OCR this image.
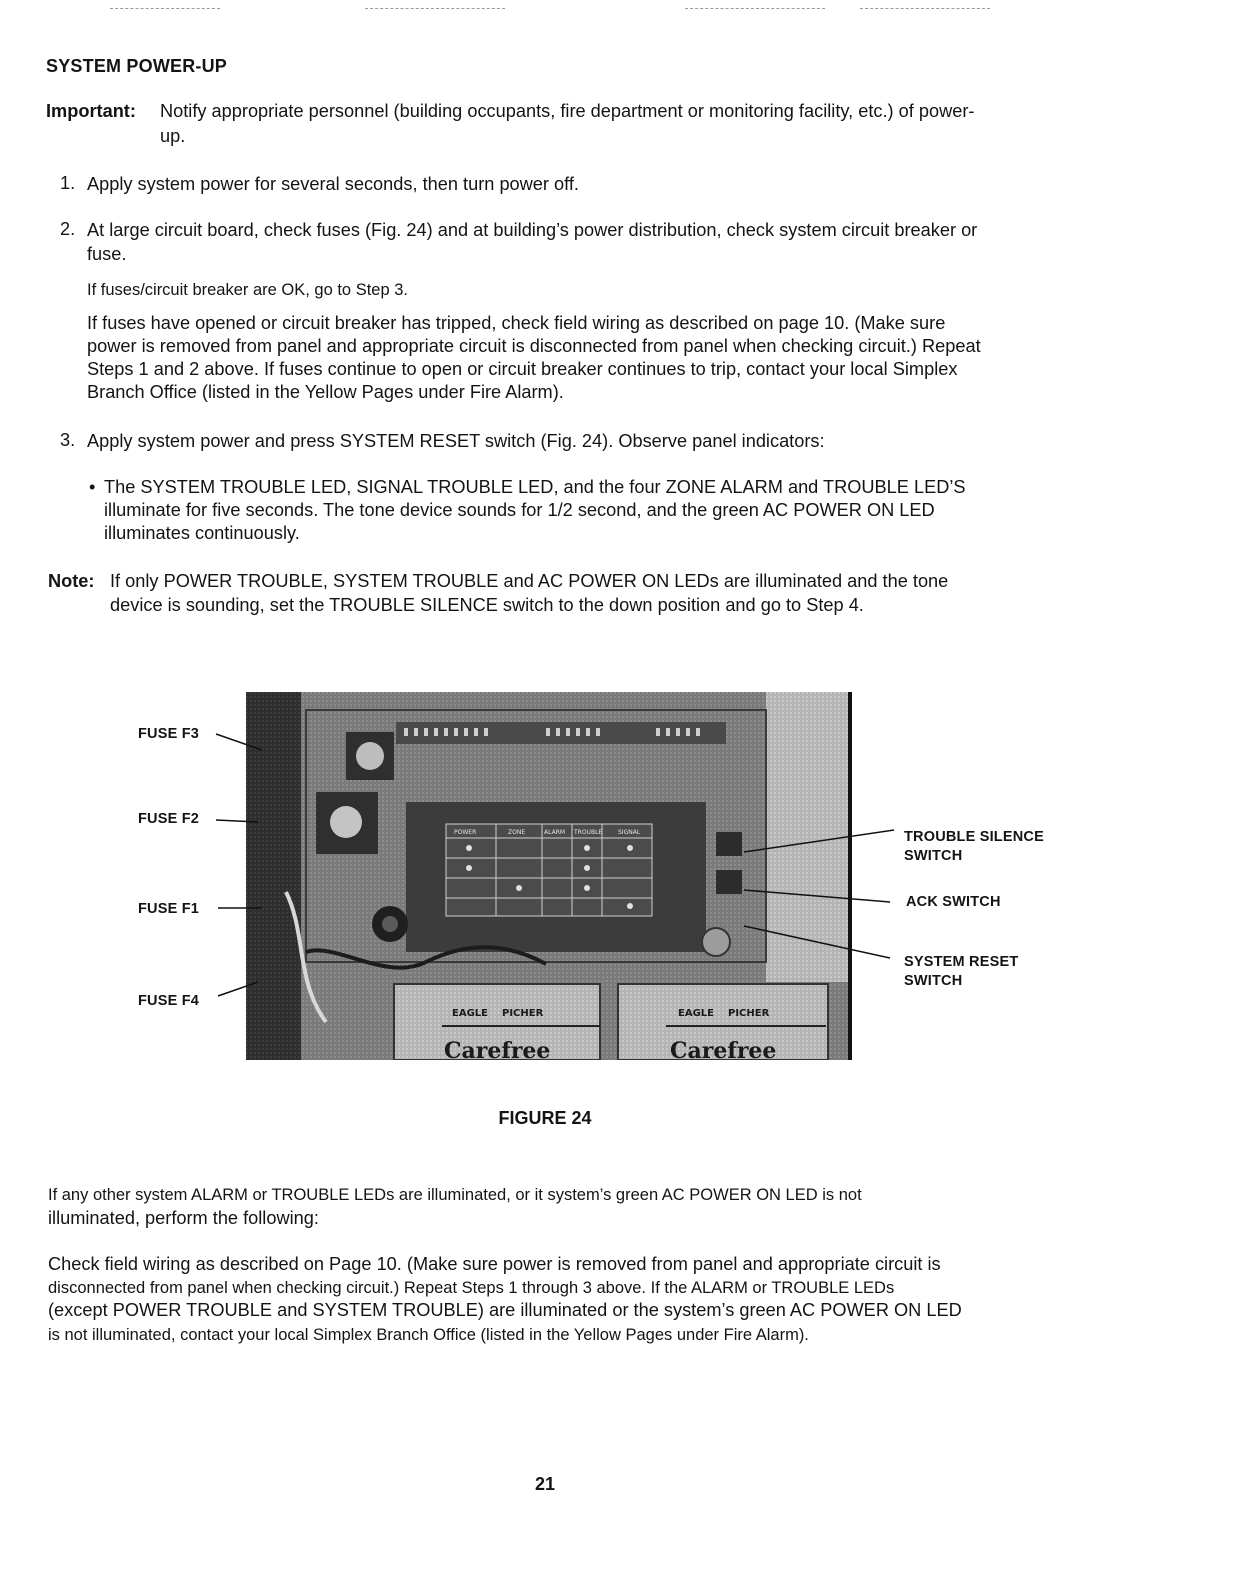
SYSTEM POWER-UP
Important: Notify appropriate personnel (building occupants, fire department or monitoring facility, etc.) of power-
up.
1. Apply system power for several seconds, then turn power off.
2. At large circuit board, check fuses (Fig. 24) and at building’s power distribution, check system circuit breaker or
fuse.
If fuses/circuit breaker are OK, go to Step 3.
If fuses have opened or circuit breaker has tripped, check field wiring as described on page 10. (Make sure
power is removed from panel and appropriate circuit is disconnected from panel when checking circuit.) Repeat
Steps 1 and 2 above. If fuses continue to open or circuit breaker continues to trip, contact your local Simplex
Branch Office (listed in the Yellow Pages under Fire Alarm).
3. Apply system power and press SYSTEM RESET switch (Fig. 24). Observe panel indicators:
• The SYSTEM TROUBLE LED, SIGNAL TROUBLE LED, and the four ZONE ALARM and TROUBLE LED’S
illuminate for five seconds. The tone device sounds for 1/2 second, and the green AC POWER ON LED
illuminates continuously.
Note: If only POWER TROUBLE, SYSTEM TROUBLE and AC POWER ON LEDs are illuminated and the tone
device is sounding, set the TROUBLE SILENCE switch to the down position and go to Step 4.
POWER	ZONE	ALARM TROUBLE	SIGNAL
EAGLE PICHER	EAGLE PICHER
Carefree	Carefree
FUSE F3
FUSE F2
FUSE F1
FUSE F4
TROUBLE SILENCE
SWITCH
ACK SWITCH
SYSTEM RESET
SWITCH
FIGURE 24
If any other system ALARM or TROUBLE LEDs are illuminated, or it system’s green AC POWER ON LED is not
illuminated, perform the following:
Check field wiring as described on Page 10. (Make sure power is removed from panel and appropriate circuit is
disconnected from panel when checking circuit.) Repeat Steps 1 through 3 above. If the ALARM or TROUBLE LEDs
(except POWER TROUBLE and SYSTEM TROUBLE) are illuminated or the system’s green AC POWER ON LED
is not illuminated, contact your local Simplex Branch Office (listed in the Yellow Pages under Fire Alarm).
21
